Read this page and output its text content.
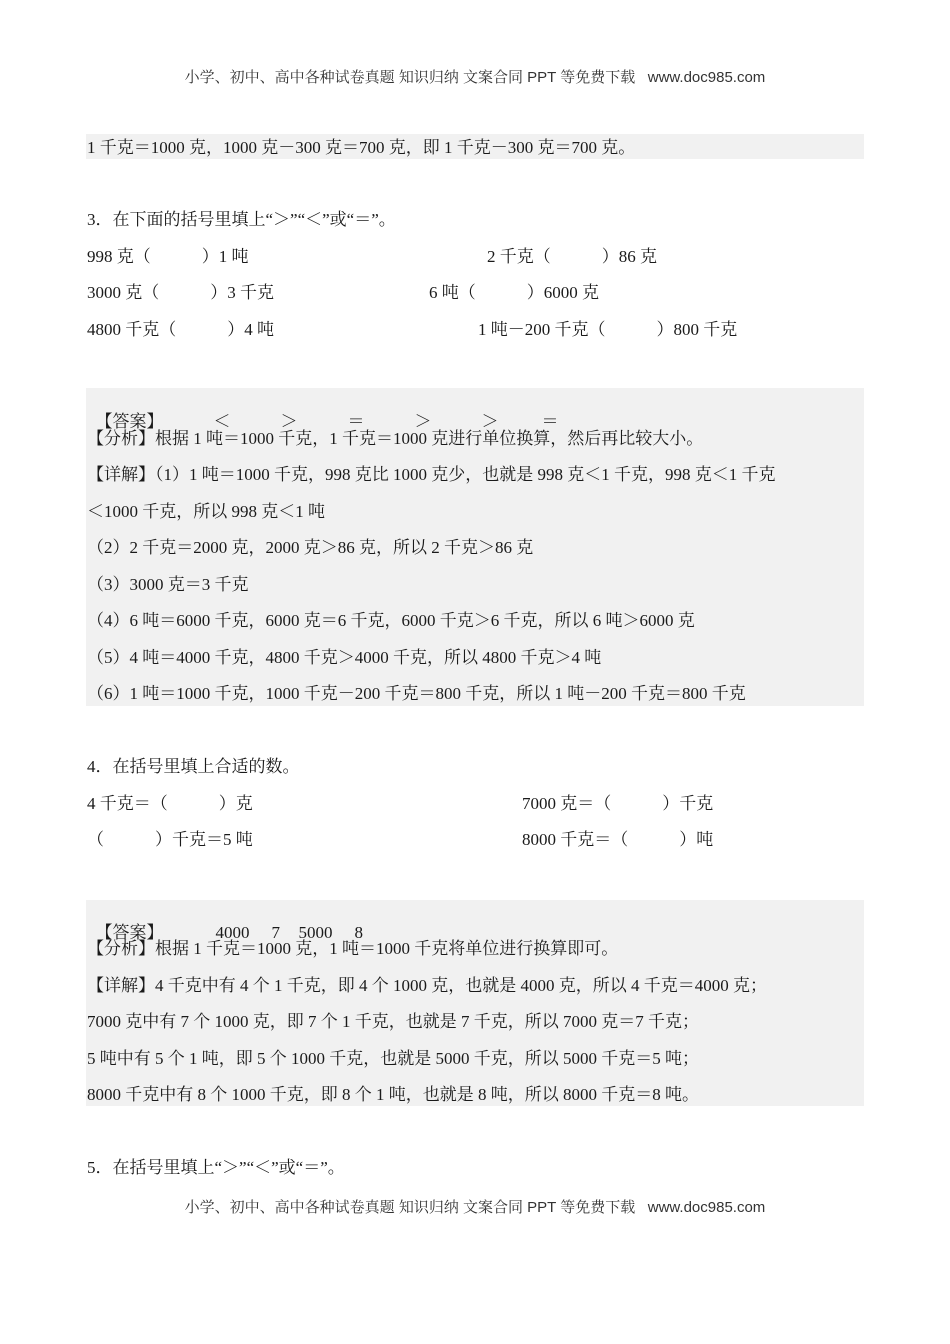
小学、初中、高中各种试卷真题 知识归纳 文案合同 PPT 等免费下载   www.doc985.com
1 千克＝1000 克，1000 克－300 克＝700 克，即 1 千克－300 克＝700 克。
3．在下面的括号里填上“＞”“＜”或“＝”。
998 克（            ）1 吨	2 千克（            ）86 克
3000 克（            ）3 千克	6 吨（            ）6000 克
4800 千克（            ）4 吨	1 吨－200 千克（            ）800 千克

【答案】	＜	＞	＝	＞	＞	＝

【分析】根据 1 吨＝1000 千克，1 千克＝1000 克进行单位换算，然后再比较大小。
【详解】（1）1 吨＝1000 千克，998 克比 1000 克少，也就是 998 克＜1 千克，998 克＜1 千克
＜1000 千克，所以 998 克＜1 吨
（2）2 千克＝2000 克，2000 克＞86 克，所以 2 千克＞86 克
（3）3000 克＝3 千克
（4）6 吨＝6000 千克，6000 克＝6 千克，6000 千克＞6 千克，所以 6 吨＞6000 克
（5）4 吨＝4000 千克，4800 千克＞4000 千克，所以 4800 千克＞4 吨
（6）1 吨＝1000 千克，1000 千克－200 千克＝800 千克，所以 1 吨－200 千克＝800 千克
4．在括号里填上合适的数。
4 千克＝（            ）克	7000 克＝（            ）千克
（            ）千克＝5 吨	8000 千克＝（            ）吨

【答案】	4000 7 5000 8

【分析】根据 1 千克＝1000 克，1 吨＝1000 千克将单位进行换算即可。
【详解】4 千克中有 4 个 1 千克，即 4 个 1000 克，也就是 4000 克，所以 4 千克＝4000 克；
7000 克中有 7 个 1000 克，即 7 个 1 千克，也就是 7 千克，所以 7000 克＝7 千克；
5 吨中有 5 个 1 吨，即 5 个 1000 千克，也就是 5000 千克，所以 5000 千克＝5 吨；
8000 千克中有 8 个 1000 千克，即 8 个 1 吨，也就是 8 吨，所以 8000 千克＝8 吨。
5．在括号里填上“＞”“＜”或“＝”。
小学、初中、高中各种试卷真题 知识归纳 文案合同 PPT 等免费下载   www.doc985.com
